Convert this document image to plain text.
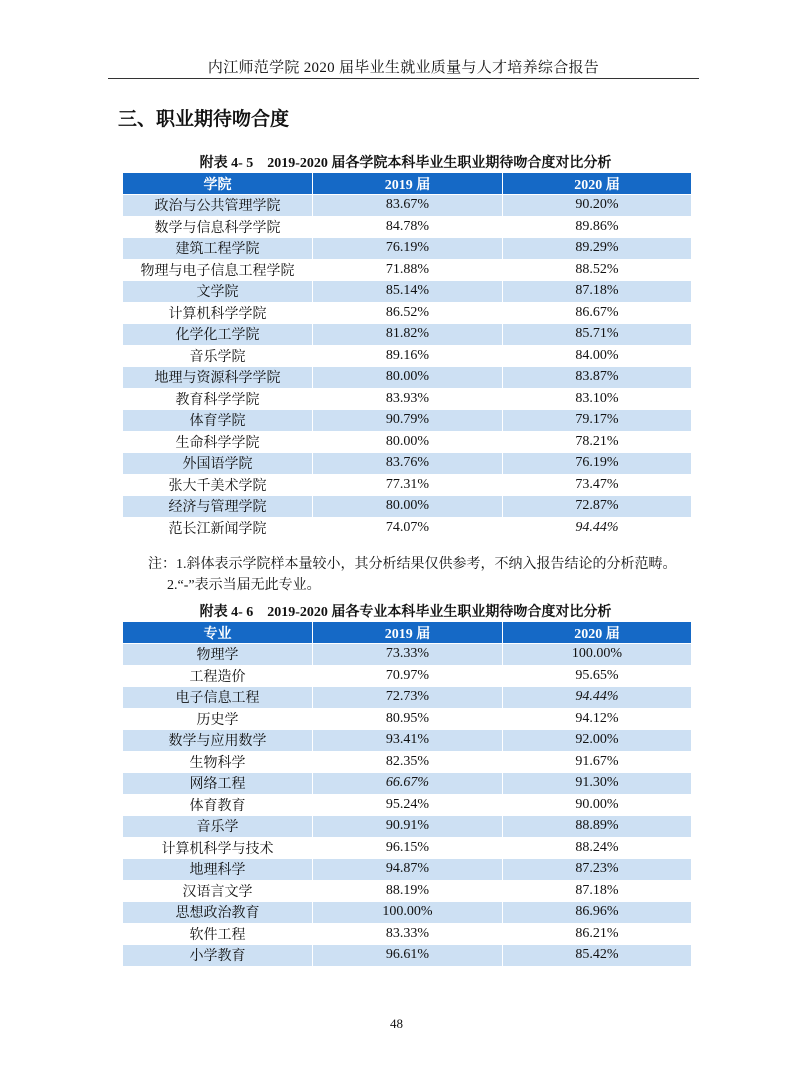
内江师范学院 2020 届毕业生就业质量与人才培养综合报告
三、职业期待吻合度
附表 4- 5 2019-2020 届各学院本科毕业生职业期待吻合度对比分析
学院	2019 届	2020 届
政治与公共管理学院	83.67%	90.20%
数学与信息科学学院	84.78%	89.86%
建筑工程学院	76.19%	89.29%
物理与电子信息工程学院	71.88%	88.52%
文学院	85.14%	87.18%
计算机科学学院	86.52%	86.67%
化学化工学院	81.82%	85.71%
音乐学院	89.16%	84.00%
地理与资源科学学院	80.00%	83.87%
教育科学学院	83.93%	83.10%
体育学院	90.79%	79.17%
生命科学学院	80.00%	78.21%
外国语学院	83.76%	76.19%
张大千美术学院	77.31%	73.47%
经济与管理学院	80.00%	72.87%
范长江新闻学院	74.07%	94.44%
注：1.斜体表示学院样本量较小，其分析结果仅供参考，不纳入报告结论的分析范畴。
2.“-”表示当届无此专业。
附表 4- 6 2019-2020 届各专业本科毕业生职业期待吻合度对比分析
专业	2019 届	2020 届
物理学	73.33%	100.00%
工程造价	70.97%	95.65%
电子信息工程	72.73%	94.44%
历史学	80.95%	94.12%
数学与应用数学	93.41%	92.00%
生物科学	82.35%	91.67%
网络工程	66.67%	91.30%
体育教育	95.24%	90.00%
音乐学	90.91%	88.89%
计算机科学与技术	96.15%	88.24%
地理科学	94.87%	87.23%
汉语言文学	88.19%	87.18%
思想政治教育	100.00%	86.96%
软件工程	83.33%	86.21%
小学教育	96.61%	85.42%
48
